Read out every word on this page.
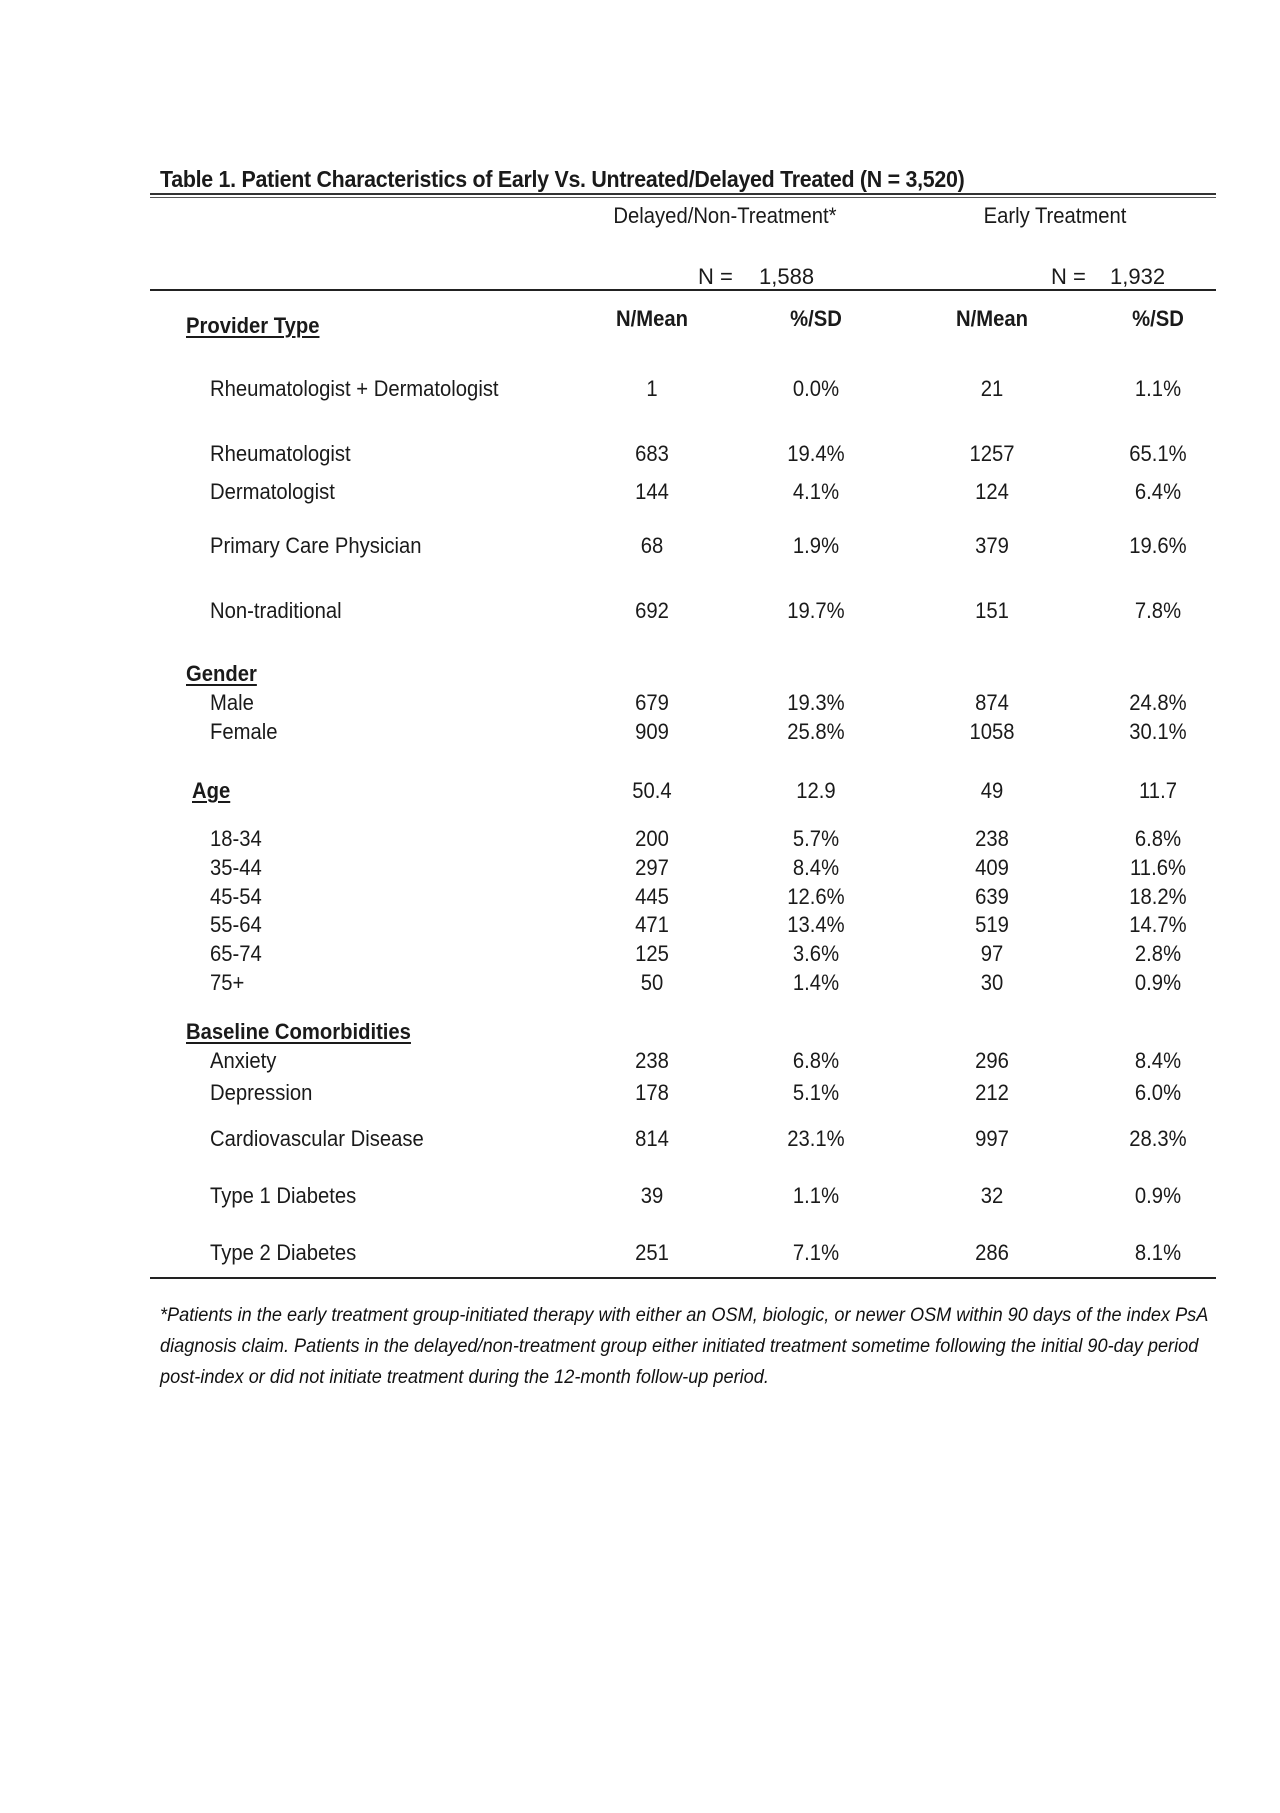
Table 1. Patient Characteristics of Early Vs. Untreated/Delayed Treated (N = 3,520)
Delayed/Non-Treatment*	Early Treatment
N = 1,588	N = 1,932
N/Mean	%/SD	N/Mean	%/SD
Provider Type
Rheumatologist + Dermatologist	1	0.0%	21	1.1%
Rheumatologist	683	19.4%	1257	65.1%
Dermatologist	144	4.1%	124	6.4%
Primary Care Physician	68	1.9%	379	19.6%
Non-traditional	692	19.7%	151	7.8%
Gender
Male	679	19.3%	874	24.8%
Female	909	25.8%	1058	30.1%
Age	50.4	12.9	49	11.7
18-34	200	5.7%	238	6.8%
35-44	297	8.4%	409	11.6%
45-54	445	12.6%	639	18.2%
55-64	471	13.4%	519	14.7%
65-74	125	3.6%	97	2.8%
75+	50	1.4%	30	0.9%
Baseline Comorbidities
Anxiety	238	6.8%	296	8.4%
Depression	178	5.1%	212	6.0%
Cardiovascular Disease	814	23.1%	997	28.3%
Type 1 Diabetes	39	1.1%	32	0.9%
Type 2 Diabetes	251	7.1%	286	8.1%
*Patients in the early treatment group-initiated therapy with either an OSM, biologic, or newer OSM within 90 days of the index PsA diagnosis claim. Patients in the delayed/non-treatment group either initiated treatment sometime following the initial 90-day period post-index or did not initiate treatment during the 12-month follow-up period.
